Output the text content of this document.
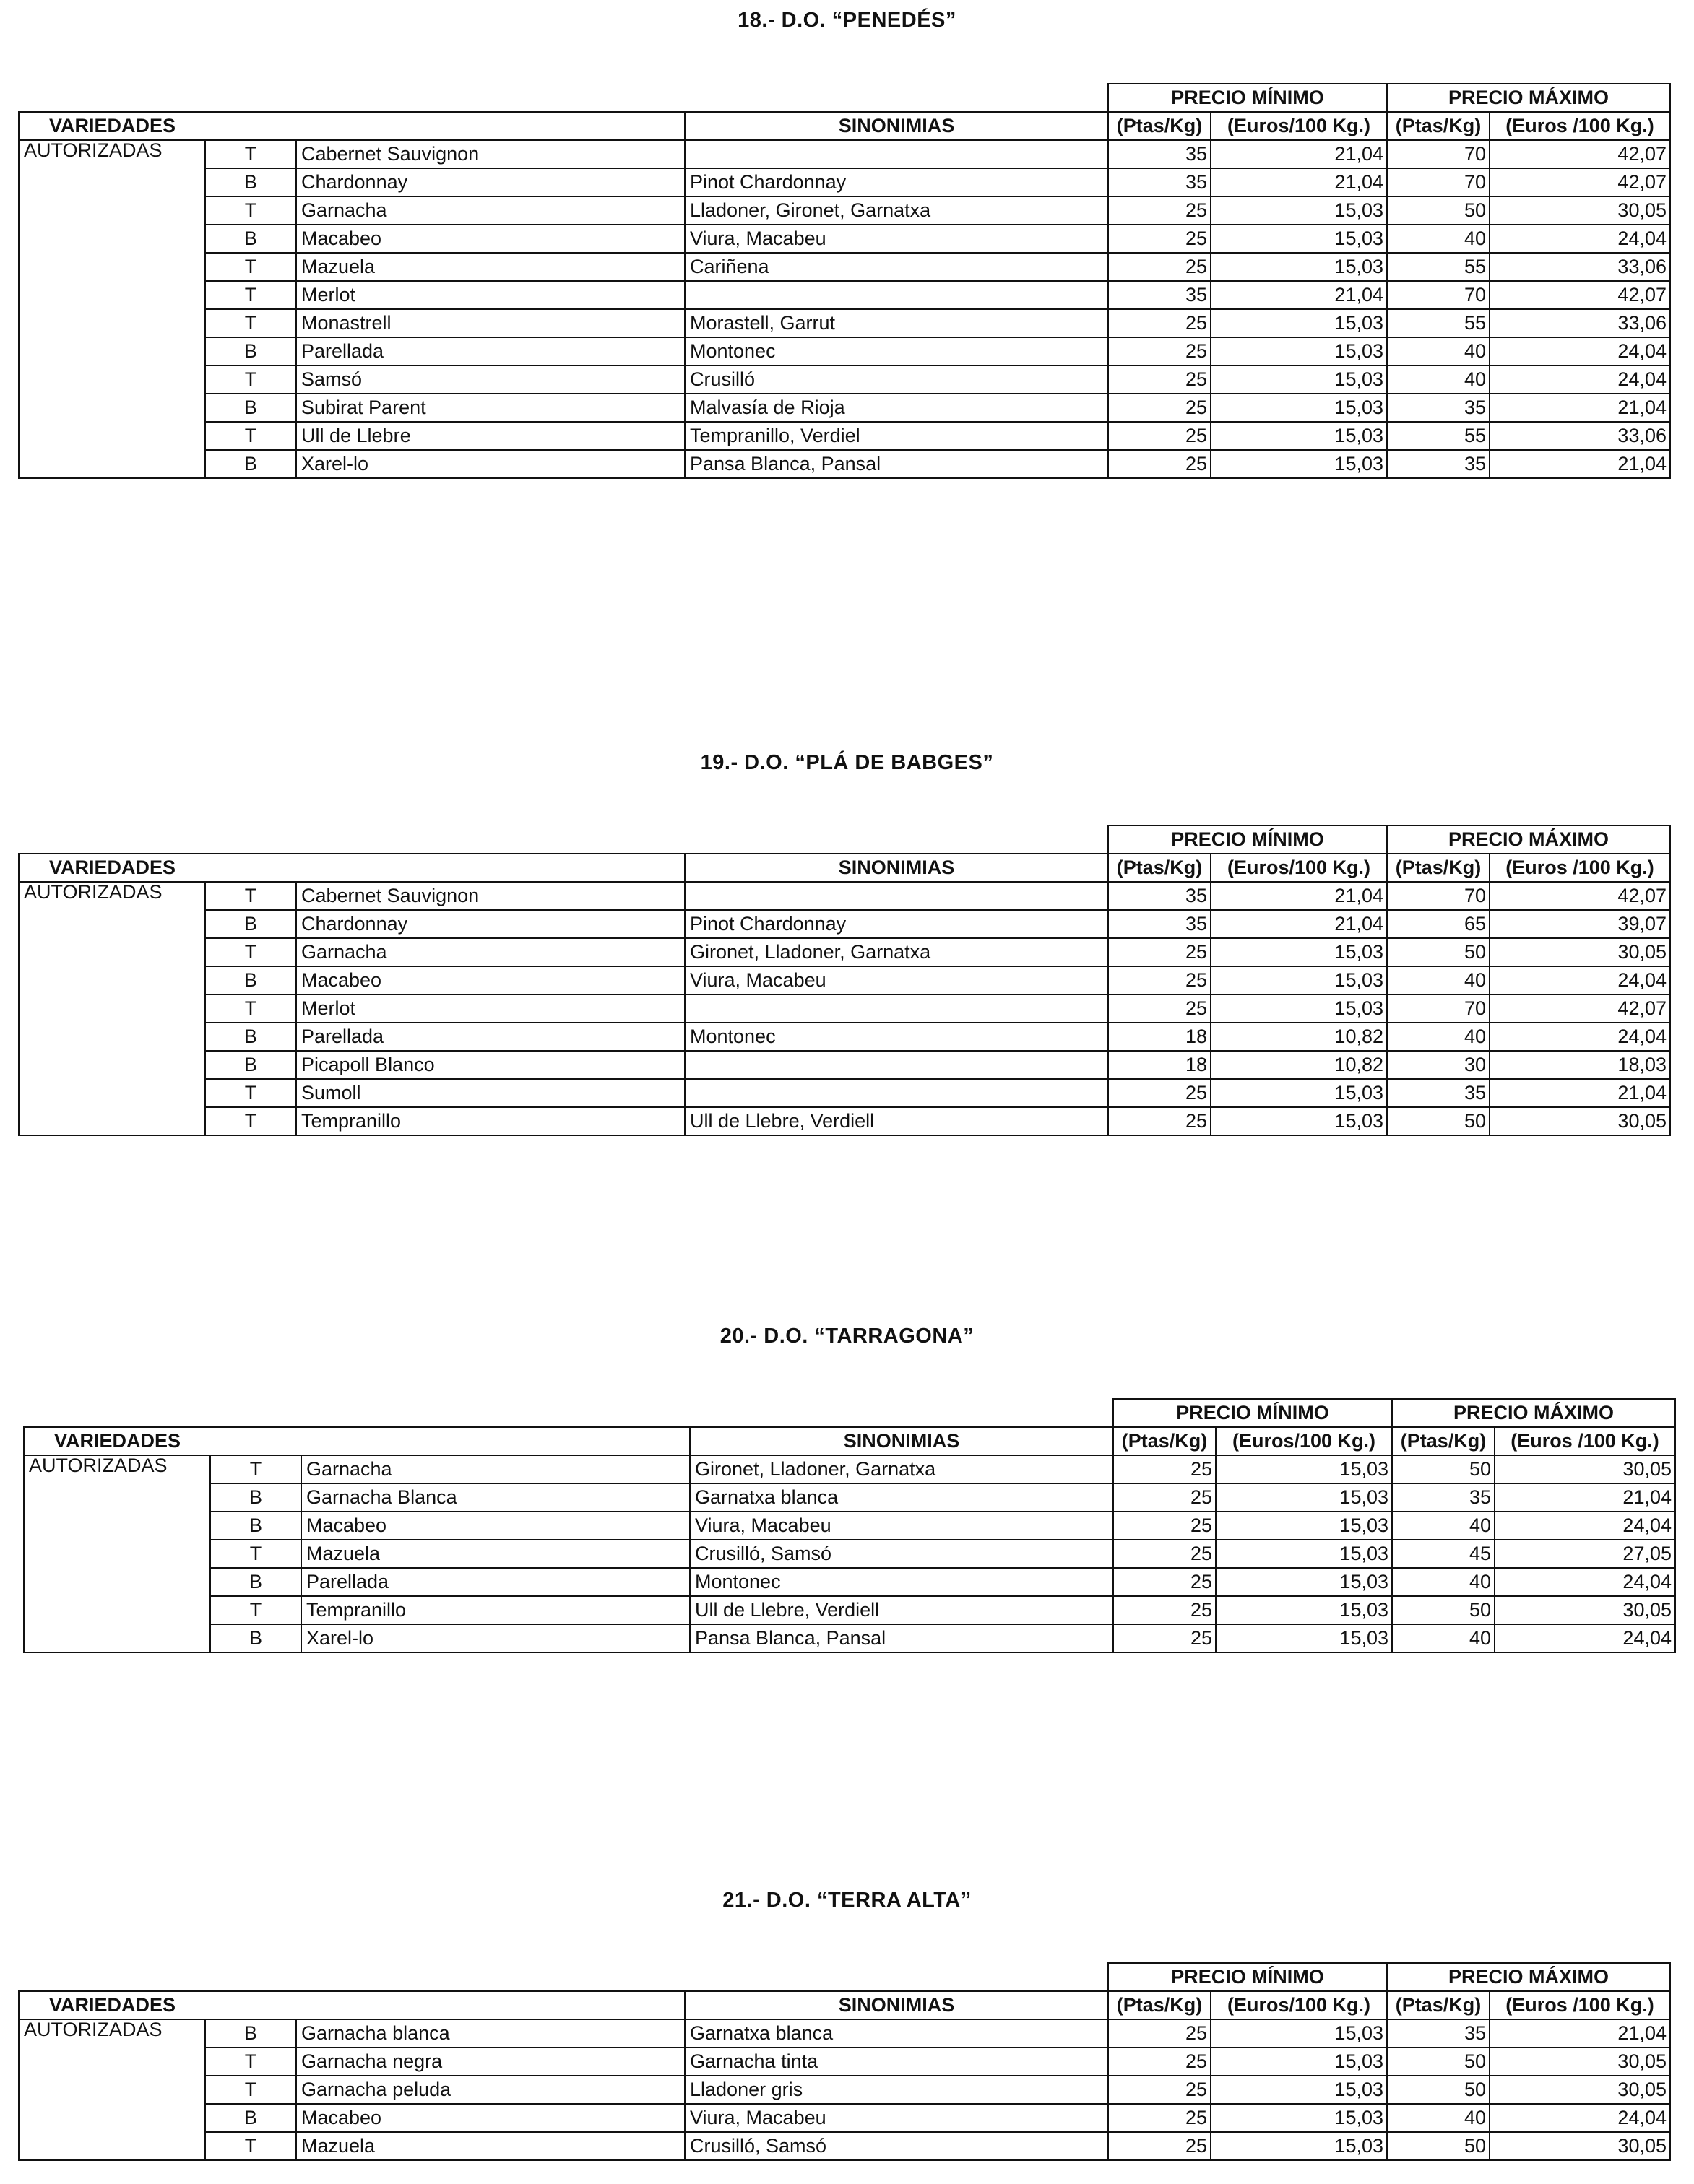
18.- D.O. “PENEDÉS”
				PRECIO MÍNIMO		PRECIO MÁXIMO	
VARIEDADES			SINONIMIAS	(Ptas/Kg)	(Euros/100 Kg.)	(Ptas/Kg)	(Euros /100 Kg.)
AUTORIZADAS	T	Cabernet Sauvignon		35	21,04	70	42,07
	B	Chardonnay	Pinot Chardonnay	35	21,04	70	42,07
	T	Garnacha	Lladoner, Gironet, Garnatxa	25	15,03	50	30,05
	B	Macabeo	Viura, Macabeu	25	15,03	40	24,04
	T	Mazuela	Cariñena	25	15,03	55	33,06
	T	Merlot		35	21,04	70	42,07
	T	Monastrell	Morastell, Garrut	25	15,03	55	33,06
	B	Parellada	Montonec	25	15,03	40	24,04
	T	Samsó	Crusilló	25	15,03	40	24,04
	B	Subirat Parent	Malvasía de Rioja	25	15,03	35	21,04
	T	Ull de Llebre	Tempranillo, Verdiel	25	15,03	55	33,06
	B	Xarel-lo	Pansa Blanca, Pansal	25	15,03	35	21,04
19.- D.O. “PLÁ DE BABGES”
				PRECIO MÍNIMO		PRECIO MÁXIMO	
VARIEDADES			SINONIMIAS	(Ptas/Kg)	(Euros/100 Kg.)	(Ptas/Kg)	(Euros /100 Kg.)
AUTORIZADAS	T	Cabernet Sauvignon		35	21,04	70	42,07
	B	Chardonnay	Pinot Chardonnay	35	21,04	65	39,07
	T	Garnacha	Gironet, Lladoner, Garnatxa	25	15,03	50	30,05
	B	Macabeo	Viura, Macabeu	25	15,03	40	24,04
	T	Merlot		25	15,03	70	42,07
	B	Parellada	Montonec	18	10,82	40	24,04
	B	Picapoll Blanco		18	10,82	30	18,03
	T	Sumoll		25	15,03	35	21,04
	T	Tempranillo	Ull de Llebre, Verdiell	25	15,03	50	30,05
20.- D.O. “TARRAGONA”
				PRECIO MÍNIMO		PRECIO MÁXIMO	
VARIEDADES			SINONIMIAS	(Ptas/Kg)	(Euros/100 Kg.)	(Ptas/Kg)	(Euros /100 Kg.)
AUTORIZADAS	T	Garnacha	Gironet, Lladoner, Garnatxa	25	15,03	50	30,05
	B	Garnacha Blanca	Garnatxa blanca	25	15,03	35	21,04
	B	Macabeo	Viura, Macabeu	25	15,03	40	24,04
	T	Mazuela	Crusilló, Samsó	25	15,03	45	27,05
	B	Parellada	Montonec	25	15,03	40	24,04
	T	Tempranillo	Ull de Llebre, Verdiell	25	15,03	50	30,05
	B	Xarel-lo	Pansa Blanca, Pansal	25	15,03	40	24,04
21.- D.O. “TERRA ALTA”
				PRECIO MÍNIMO		PRECIO MÁXIMO	
VARIEDADES			SINONIMIAS	(Ptas/Kg)	(Euros/100 Kg.)	(Ptas/Kg)	(Euros /100 Kg.)
AUTORIZADAS	B	Garnacha blanca	Garnatxa blanca	25	15,03	35	21,04
	T	Garnacha negra	Garnacha tinta	25	15,03	50	30,05
	T	Garnacha peluda	Lladoner gris	25	15,03	50	30,05
	B	Macabeo	Viura, Macabeu	25	15,03	40	24,04
	T	Mazuela	Crusilló, Samsó	25	15,03	50	30,05
